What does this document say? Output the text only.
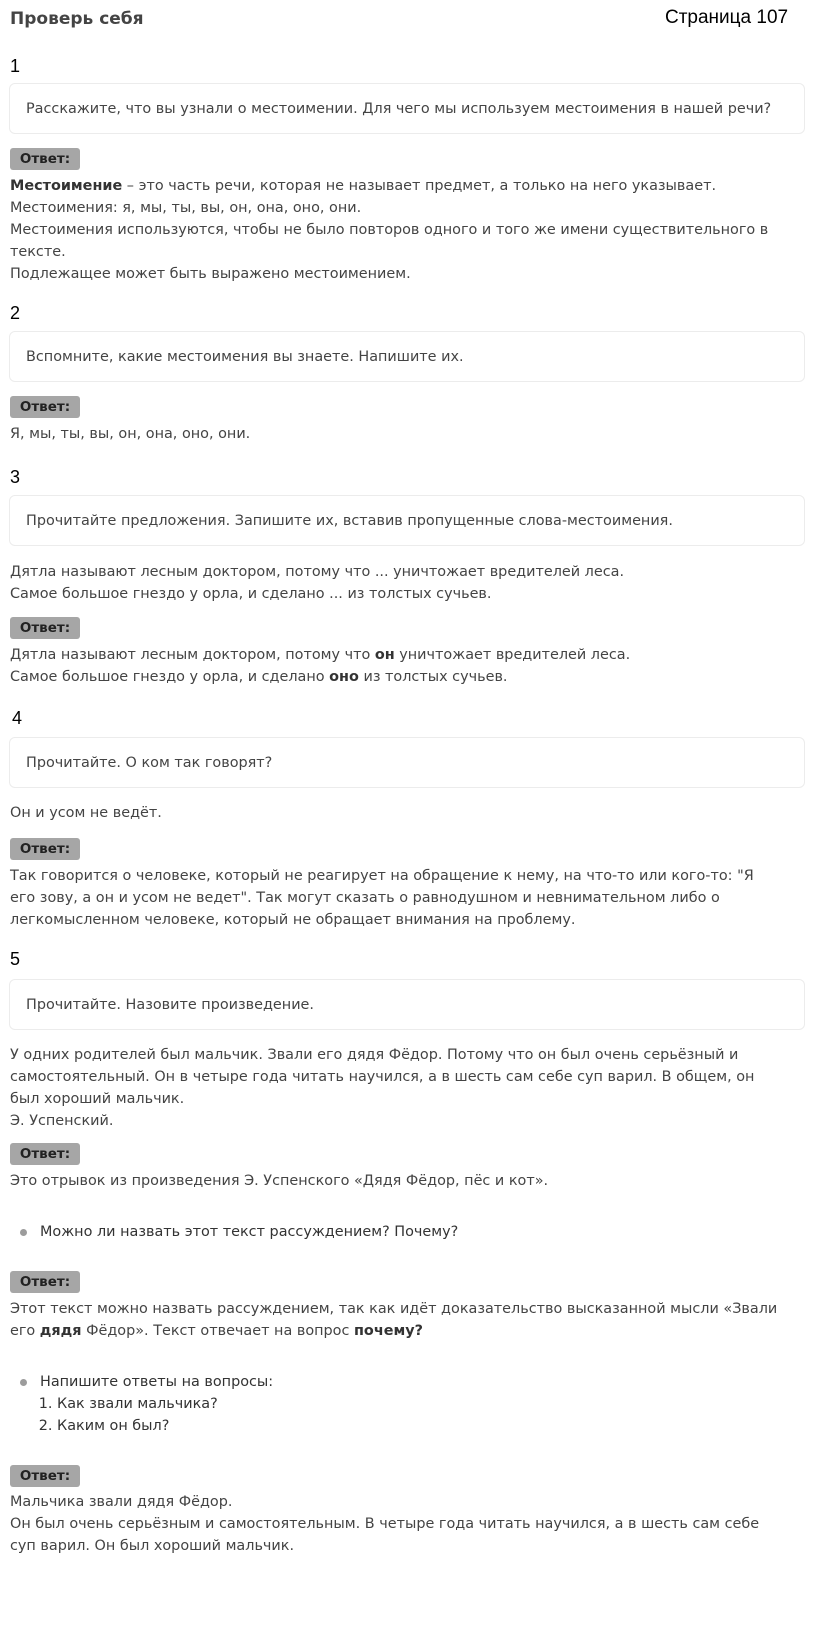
Проверь себя	Страница 107
1
Расскажите, что вы узнали о местоимении. Для чего мы используем местоимения в нашей речи?
Ответ:
Местоимение – это часть речи, которая не называет предмет, а только на него указывает.
Местоимения: я, мы, ты, вы, он, она, оно, они.
Местоимения используются, чтобы не было повторов одного и того же имени существительного в тексте.
Подлежащее может быть выражено местоимением.
2
Вспомните, какие местоимения вы знаете. Напишите их.
Ответ:
Я, мы, ты, вы, он, она, оно, они.
3
Прочитайте предложения. Запишите их, вставив пропущенные слова-местоимения.
Дятла называют лесным доктором, потому что ... уничтожает вредителей леса.
Самое большое гнездо у орла, и сделано ... из толстых сучьев.
Ответ:
Дятла называют лесным доктором, потому что он уничтожает вредителей леса.
Самое большое гнездо у орла, и сделано оно из толстых сучьев.
4
Прочитайте. О ком так говорят?
Он и усом не ведёт.
Ответ:
Так говорится о человеке, который не реагирует на обращение к нему, на что-то или кого-то: "Я его зову, а он и усом не ведет". Так могут сказать о равнодушном и невнимательном либо о легкомысленном человеке, который не обращает внимания на проблему.
5
Прочитайте. Назовите произведение.
У одних родителей был мальчик. Звали его дядя Фёдор. Потому что он был очень серьёзный и самостоятельный. Он в четыре года читать научился, а в шесть сам себе суп варил. В общем, он был хороший мальчик.
Э. Успенский.
Ответ:
Это отрывок из произведения Э. Успенского «Дядя Фёдор, пёс и кот».
Можно ли назвать этот текст рассуждением? Почему?
Ответ:
Этот текст можно назвать рассуждением, так как идёт доказательство высказанной мысли «Звали его дядя Фёдор». Текст отвечает на вопрос почему?
Напишите ответы на вопросы:
1. Как звали мальчика?
2. Каким он был?
Ответ:
Мальчика звали дядя Фёдор.
Он был очень серьёзным и самостоятельным. В четыре года читать научился, а в шесть сам себе суп варил. Он был хороший мальчик.
